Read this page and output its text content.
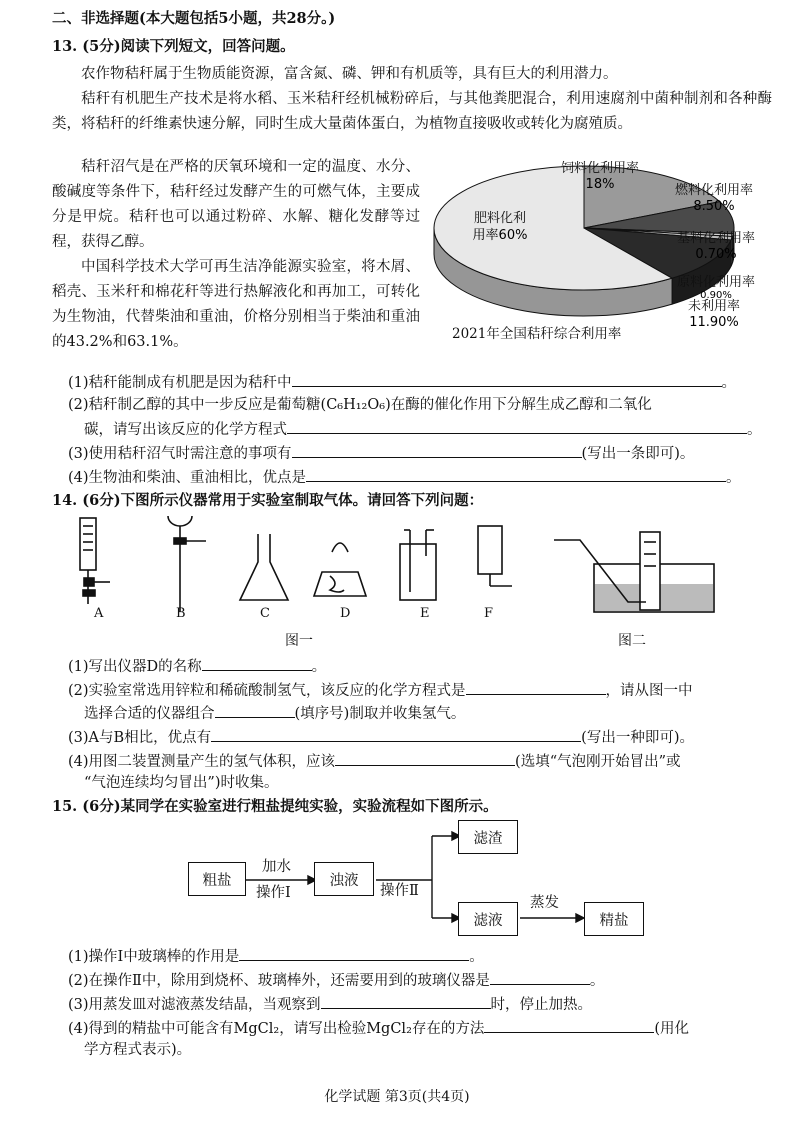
二、非选择题(本大题包括5小题，共28分。)
13. (5分)阅读下列短文，回答问题。
农作物秸秆属于生物质能资源，富含氮、磷、钾和有机质等，具有巨大的利用潜力。
秸秆有机肥生产技术是将水稻、玉米秸秆经机械粉碎后，与其他粪肥混合，利用速腐剂中菌种制剂和各种酶类，将秸秆的纤维素快速分解，同时生成大量菌体蛋白，为植物直接吸收或转化为腐殖质。
秸秆沼气是在严格的厌氧环境和一定的温度、水分、酸碱度等条件下，秸秆经过发酵产生的可燃气体，主要成分是甲烷。秸秆也可以通过粉碎、水解、糖化发酵等过程，获得乙醇。
中国科学技术大学可再生洁净能源实验室，将木屑、稻壳、玉米秆和棉花秆等进行热解液化和再加工，可转化为生物油，代替柴油和重油，价格分别相当于柴油和重油的43.2%和63.1%。
肥料化利
用率60%
饲料化利用率
18%	燃料化利用率
8.50%
基料化利用率
0.70%
原料化利用率
0.90%
未利用率
11.90%
2021年全国秸秆综合利用率
(1)秸秆能制成有机肥是因为秸秆中	。
(2)秸秆制乙醇的其中一步反应是葡萄糖(C₆H₁₂O₆)在酶的催化作用下分解生成乙醇和二氧化
碳，请写出该反应的化学方程式	。
(3)使用秸秆沼气时需注意的事项有	(写出一条即可)。
(4)生物油和柴油、重油相比，优点是	。
14. (6分)下图所示仪器常用于实验室制取气体。请回答下列问题：
A	B	C	D	E	F
图一	图二
(1)写出仪器D的名称	。
(2)实验室常选用锌粒和稀硫酸制氢气，该反应的化学方程式是	，请从图一中
选择合适的仪器组合	(填序号)制取并收集氢气。
(3)A与B相比，优点有	(写出一种即可)。
(4)用图二装置测量产生的氢气体积，应该	(选填“气泡刚开始冒出”或
“气泡连续均匀冒出”)时收集。
15. (6分)某同学在实验室进行粗盐提纯实验，实验流程如下图所示。
粗盐
加水
操作Ⅰ
浊液
操作Ⅱ
滤渣
滤液
蒸发
精盐
(1)操作Ⅰ中玻璃棒的作用是	。
(2)在操作Ⅱ中，除用到烧杯、玻璃棒外，还需要用到的玻璃仪器是	。
(3)用蒸发皿对滤液蒸发结晶，当观察到	时，停止加热。
(4)得到的精盐中可能含有MgCl₂，请写出检验MgCl₂存在的方法	(用化
学方程式表示)。
化学试题 第3页(共4页)
